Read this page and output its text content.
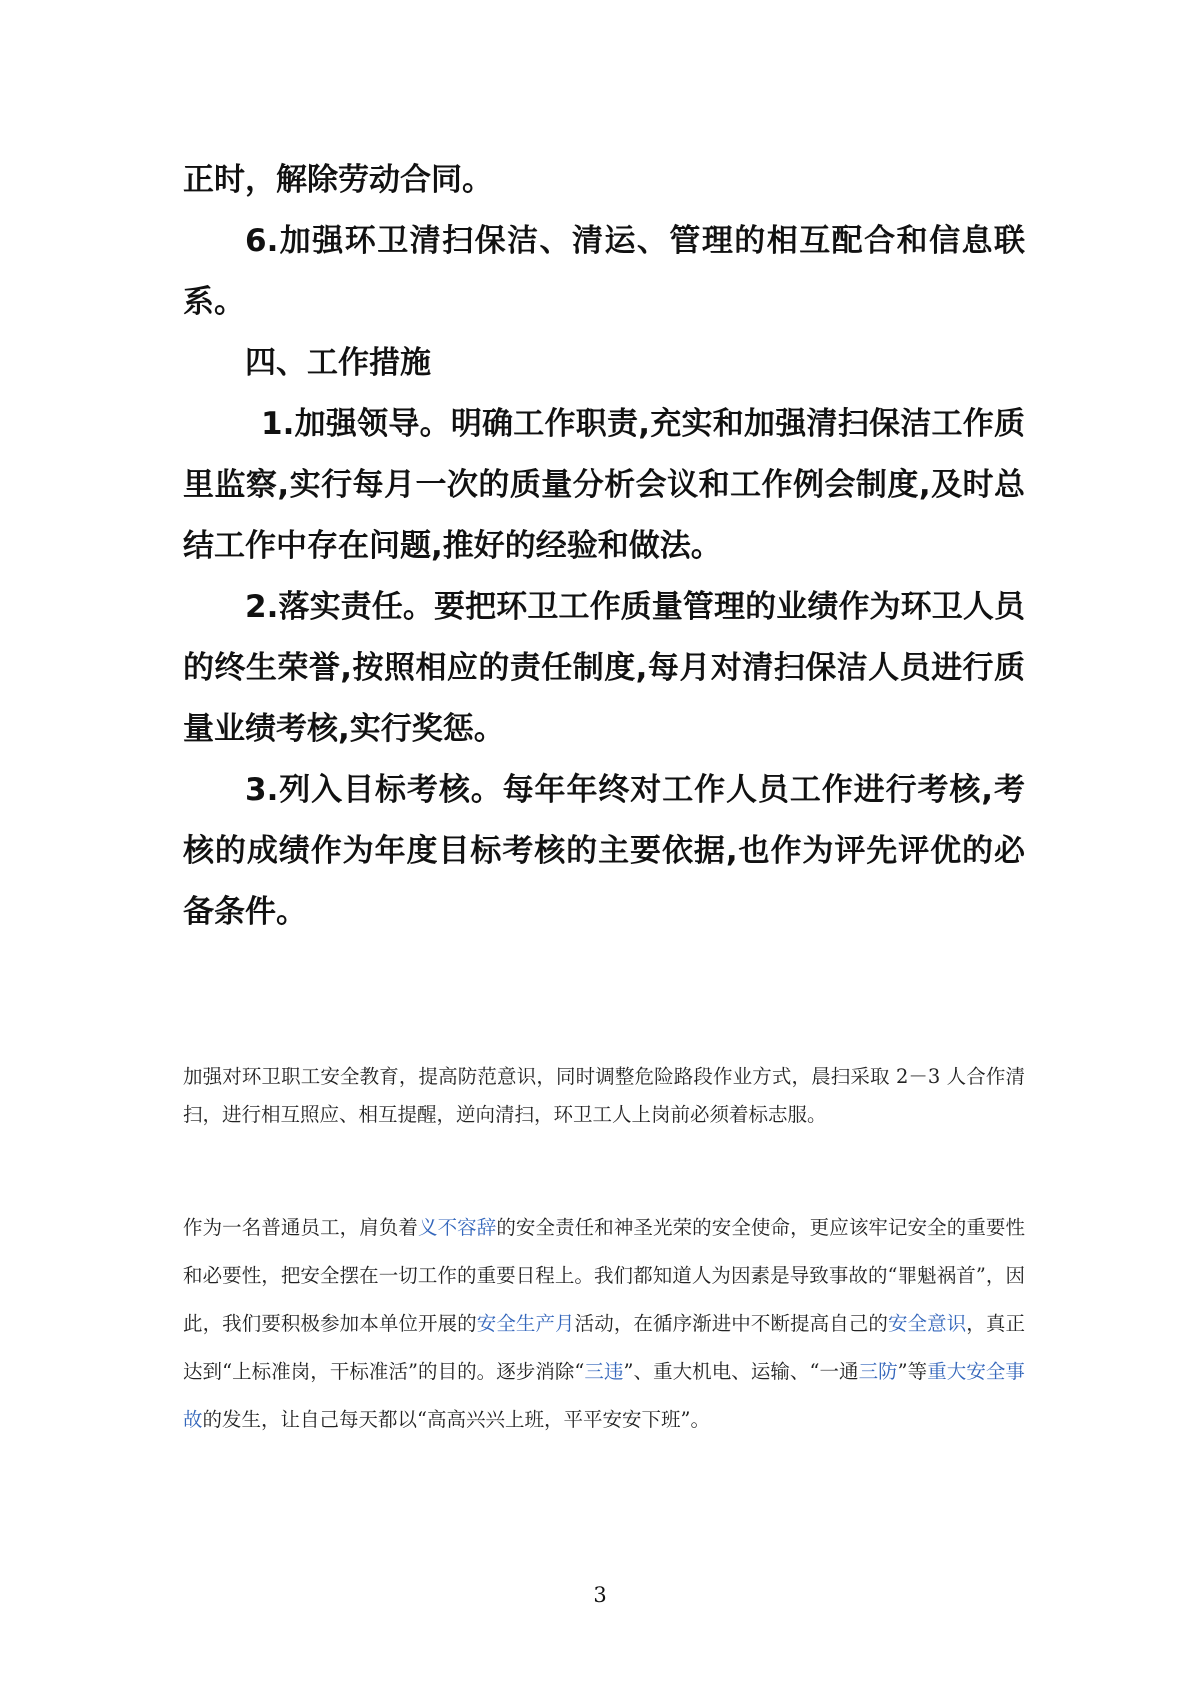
正时，解除劳动合同。

6.加强环卫清扫保洁、清运、管理的相互配合和信息联系。

四、工作措施

1.加强领导。明确工作职责,充实和加强清扫保洁工作质里监察,实行每月一次的质量分析会议和工作例会制度,及时总结工作中存在问题,推好的经验和做法。

2.落实责任。要把环卫工作质量管理的业绩作为环卫人员的终生荣誉,按照相应的责任制度,每月对清扫保洁人员进行质量业绩考核,实行奖惩。

3.列入目标考核。每年年终对工作人员工作进行考核,考核的成绩作为年度目标考核的主要依据,也作为评先评优的必备条件。

加强对环卫职工安全教育，提高防范意识，同时调整危险路段作业方式，晨扫采取 2－3 人合作清扫，进行相互照应、相互提醒，逆向清扫，环卫工人上岗前必须着标志服。

作为一名普通员工，肩负着义不容辞的安全责任和神圣光荣的安全使命，更应该牢记安全的重要性和必要性，把安全摆在一切工作的重要日程上。我们都知道人为因素是导致事故的“罪魁祸首”，因此，我们要积极参加本单位开展的安全生产月活动，在循序渐进中不断提高自己的安全意识，真正达到“上标准岗，干标准活”的目的。逐步消除“三违”、重大机电、运输、“一通三防”等重大安全事故的发生，让自己每天都以“高高兴兴上班，平平安安下班”。

3
